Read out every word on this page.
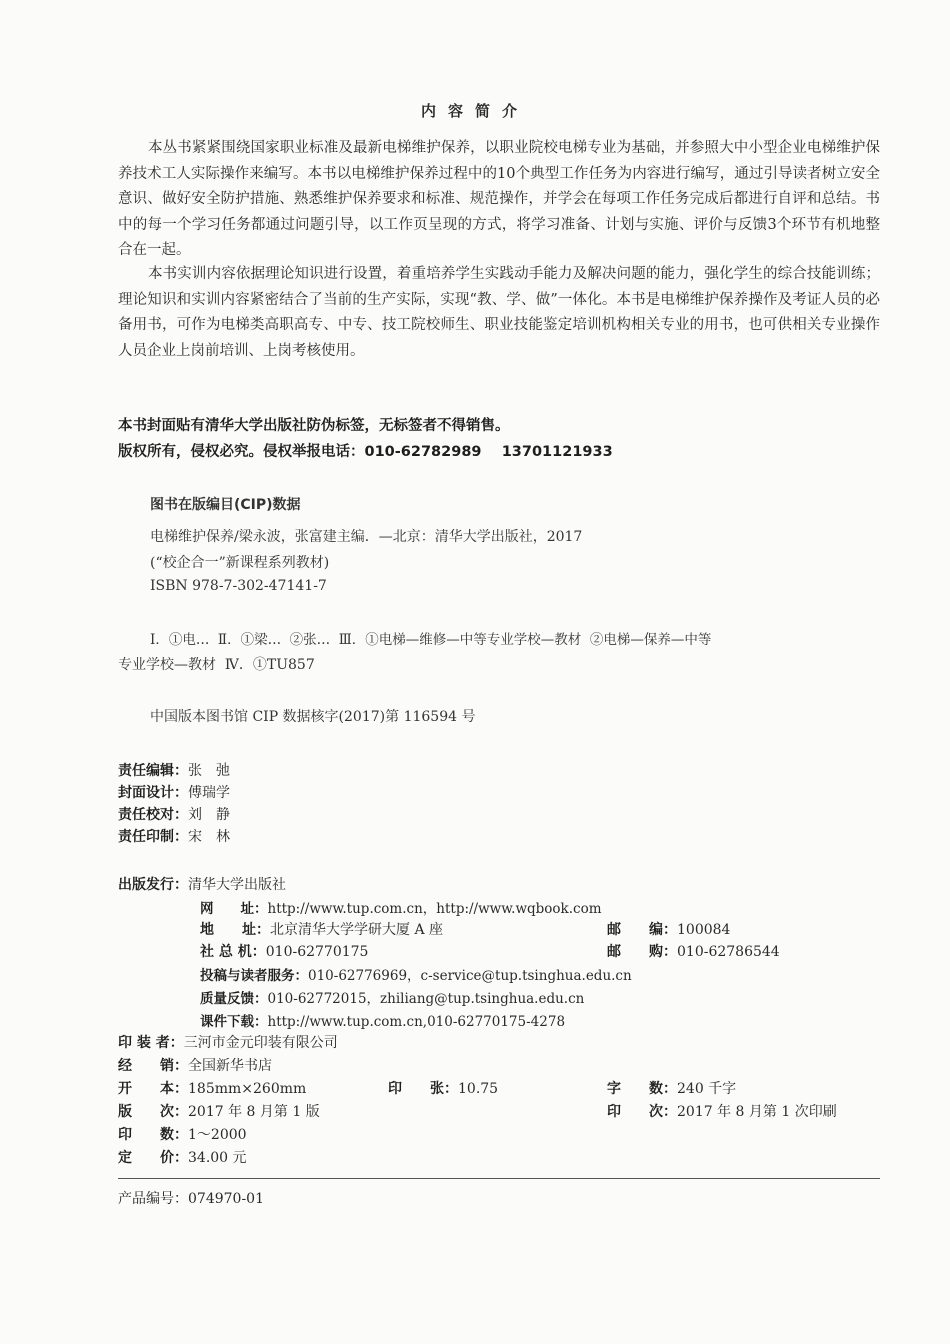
内容简介
本丛书紧紧围绕国家职业标准及最新电梯维护保养，以职业院校电梯专业为基础，并参照大中小型企业电梯维护保养技术工人实际操作来编写。本书以电梯维护保养过程中的10个典型工作任务为内容进行编写，通过引导读者树立安全意识、做好安全防护措施、熟悉维护保养要求和标准、规范操作，并学会在每项工作任务完成后都进行自评和总结。书中的每一个学习任务都通过问题引导，以工作页呈现的方式，将学习准备、计划与实施、评价与反馈3个环节有机地整合在一起。
本书实训内容依据理论知识进行设置，着重培养学生实践动手能力及解决问题的能力，强化学生的综合技能训练；理论知识和实训内容紧密结合了当前的生产实际，实现“教、学、做”一体化。本书是电梯维护保养操作及考证人员的必备用书，可作为电梯类高职高专、中专、技工院校师生、职业技能鉴定培训机构相关专业的用书，也可供相关专业操作人员企业上岗前培训、上岗考核使用。
本书封面贴有清华大学出版社防伪标签，无标签者不得销售。
版权所有，侵权必究。侵权举报电话：010-62782989    13701121933
图书在版编目(CIP)数据
电梯维护保养/梁永波，张富建主编．—北京：清华大学出版社，2017
(“校企合一”新课程系列教材)
ISBN 978-7-302-47141-7
Ⅰ．①电…  Ⅱ．①梁…  ②张…  Ⅲ．①电梯—维修—中等专业学校—教材  ②电梯—保养—中等
专业学校—教材  Ⅳ．①TU857
中国版本图书馆 CIP 数据核字(2017)第 116594 号
责任编辑：张　弛
封面设计：傅瑞学
责任校对：刘　静
责任印制：宋　林
出版发行：清华大学出版社
网　　址：http://www.tup.com.cn，http://www.wqbook.com
地　　址：北京清华大学学研大厦 A 座	邮　　编：100084
社 总 机：010-62770175	邮　　购：010-62786544
投稿与读者服务：010-62776969，c-service@tup.tsinghua.edu.cn
质量反馈：010-62772015，zhiliang@tup.tsinghua.edu.cn
课件下载：http://www.tup.com.cn,010-62770175-4278
印 装 者：三河市金元印装有限公司
经　　销：全国新华书店
开　　本：185mm×260mm	印　　张：10.75	字　　数：240 千字
版　　次：2017 年 8 月第 1 版	印　　次：2017 年 8 月第 1 次印刷
印　　数：1～2000
定　　价：34.00 元
产品编号：074970-01
